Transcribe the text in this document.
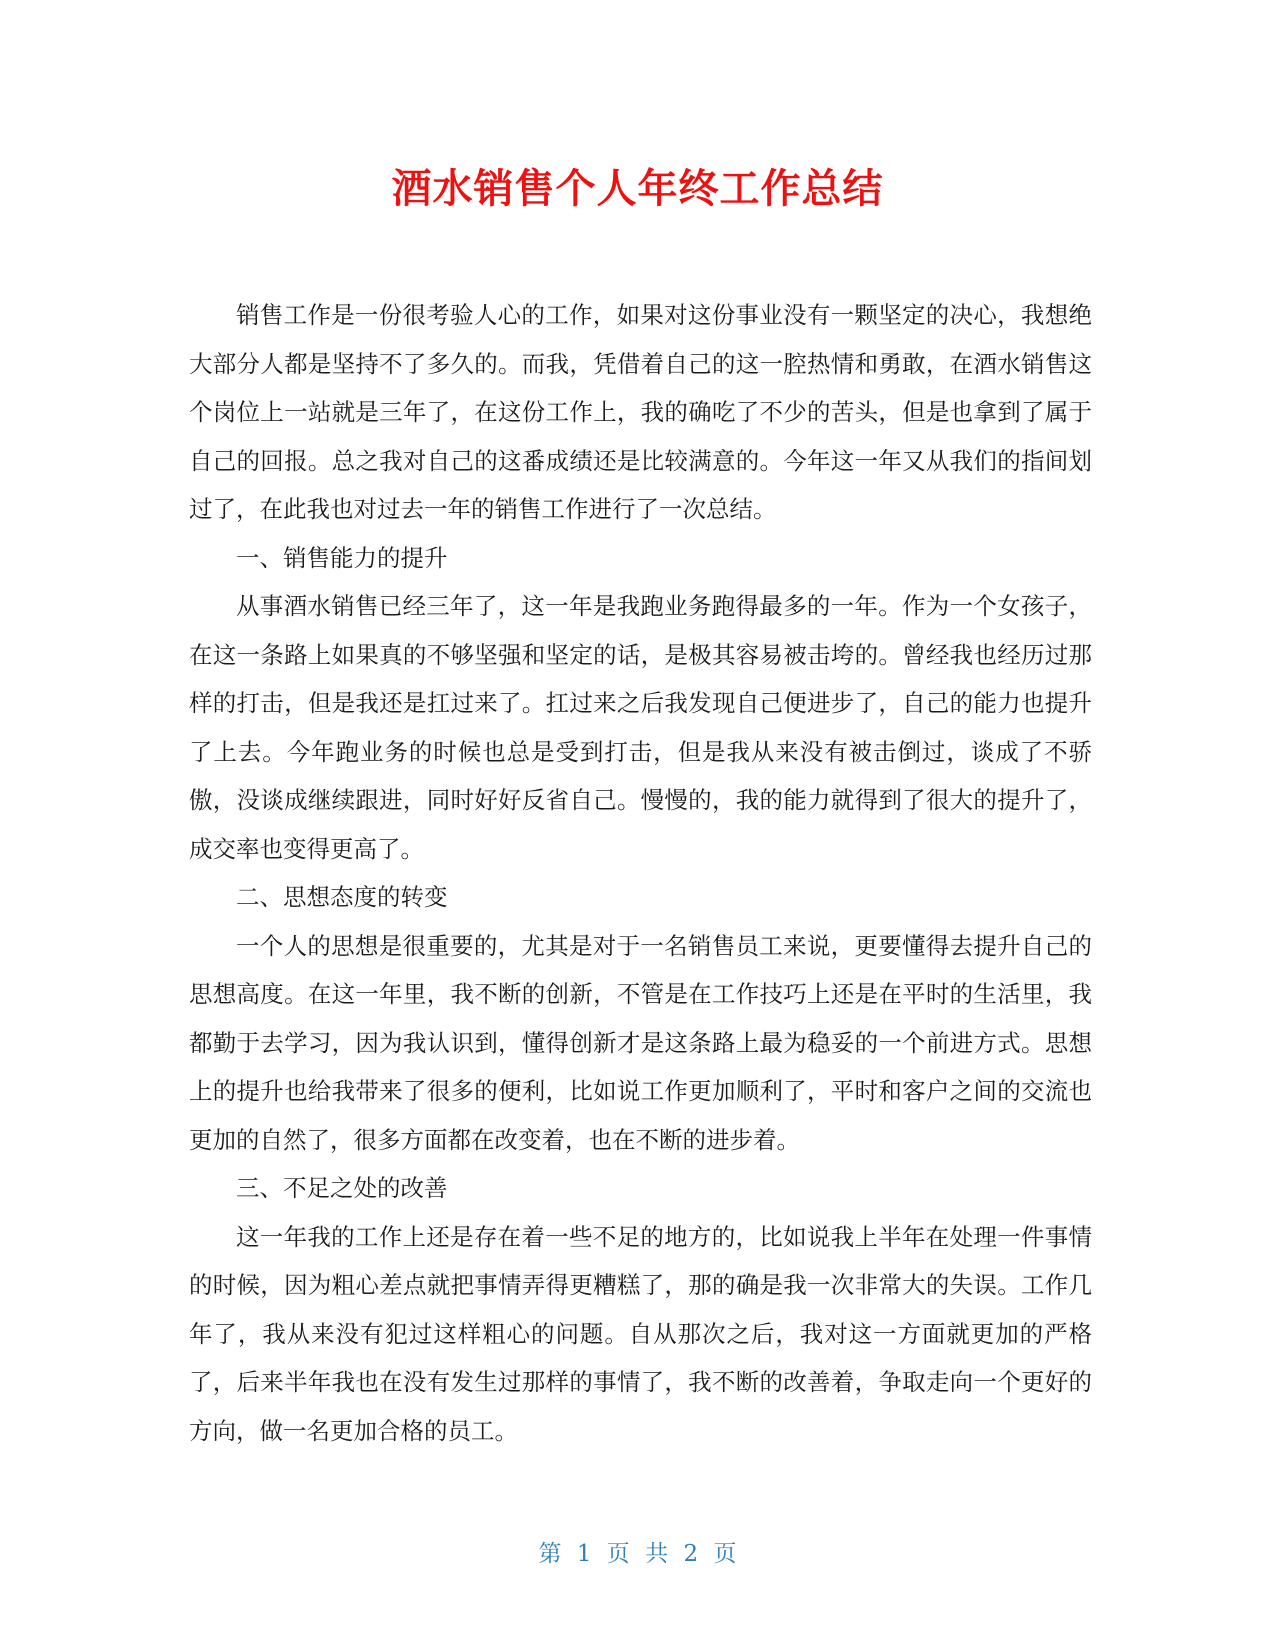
酒水销售个人年终工作总结

销售工作是一份很考验人心的工作，如果对这份事业没有一颗坚定的决心，我想绝大部分人都是坚持不了多久的。而我，凭借着自己的这一腔热情和勇敢，在酒水销售这个岗位上一站就是三年了，在这份工作上，我的确吃了不少的苦头，但是也拿到了属于自己的回报。总之我对自己的这番成绩还是比较满意的。今年这一年又从我们的指间划过了，在此我也对过去一年的销售工作进行了一次总结。

一、销售能力的提升

从事酒水销售已经三年了，这一年是我跑业务跑得最多的一年。作为一个女孩子，在这一条路上如果真的不够坚强和坚定的话，是极其容易被击垮的。曾经我也经历过那样的打击，但是我还是扛过来了。扛过来之后我发现自己便进步了，自己的能力也提升了上去。今年跑业务的时候也总是受到打击，但是我从来没有被击倒过，谈成了不骄傲，没谈成继续跟进，同时好好反省自己。慢慢的，我的能力就得到了很大的提升了，成交率也变得更高了。

二、思想态度的转变

一个人的思想是很重要的，尤其是对于一名销售员工来说，更要懂得去提升自己的思想高度。在这一年里，我不断的创新，不管是在工作技巧上还是在平时的生活里，我都勤于去学习，因为我认识到，懂得创新才是这条路上最为稳妥的一个前进方式。思想上的提升也给我带来了很多的便利，比如说工作更加顺利了，平时和客户之间的交流也更加的自然了，很多方面都在改变着，也在不断的进步着。

三、不足之处的改善

这一年我的工作上还是存在着一些不足的地方的，比如说我上半年在处理一件事情的时候，因为粗心差点就把事情弄得更糟糕了，那的确是我一次非常大的失误。工作几年了，我从来没有犯过这样粗心的问题。自从那次之后，我对这一方面就更加的严格了，后来半年我也在没有发生过那样的事情了，我不断的改善着，争取走向一个更好的方向，做一名更加合格的员工。

第 1 页 共 2 页
